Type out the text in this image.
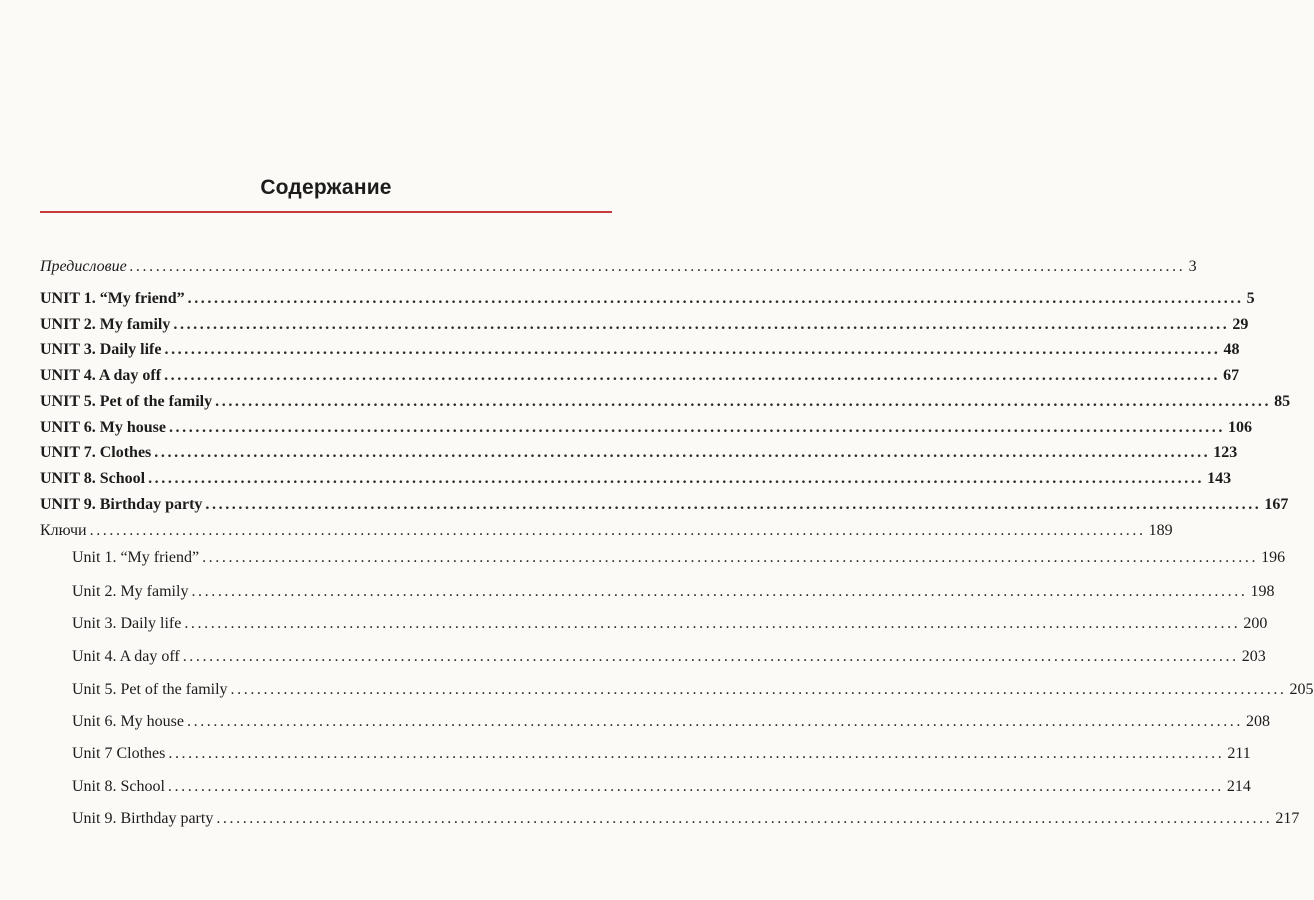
Содержание
Предисловие ................................................................................................................................................................ 3
UNIT 1. “My friend” ................................................................................................................................................................ 5
UNIT 2. My family ................................................................................................................................................................ 29
UNIT 3. Daily life ................................................................................................................................................................ 48
UNIT 4. A day off ................................................................................................................................................................ 67
UNIT 5. Pet of the family ................................................................................................................................................................ 85
UNIT 6. My house ................................................................................................................................................................ 106
UNIT 7. Clothes ................................................................................................................................................................ 123
UNIT 8. School ................................................................................................................................................................ 143
UNIT 9. Birthday party ................................................................................................................................................................ 167
Ключи ................................................................................................................................................................ 189
Unit 1. “My friend” ................................................................................................................................................................ 196
Unit 2. My family ................................................................................................................................................................ 198
Unit 3. Daily life ................................................................................................................................................................ 200
Unit 4. A day off ................................................................................................................................................................ 203
Unit 5. Pet of the family ................................................................................................................................................................ 205
Unit 6. My house ................................................................................................................................................................ 208
Unit 7 Clothes ................................................................................................................................................................ 211
Unit 8. School ................................................................................................................................................................ 214
Unit 9. Birthday party ................................................................................................................................................................ 217
